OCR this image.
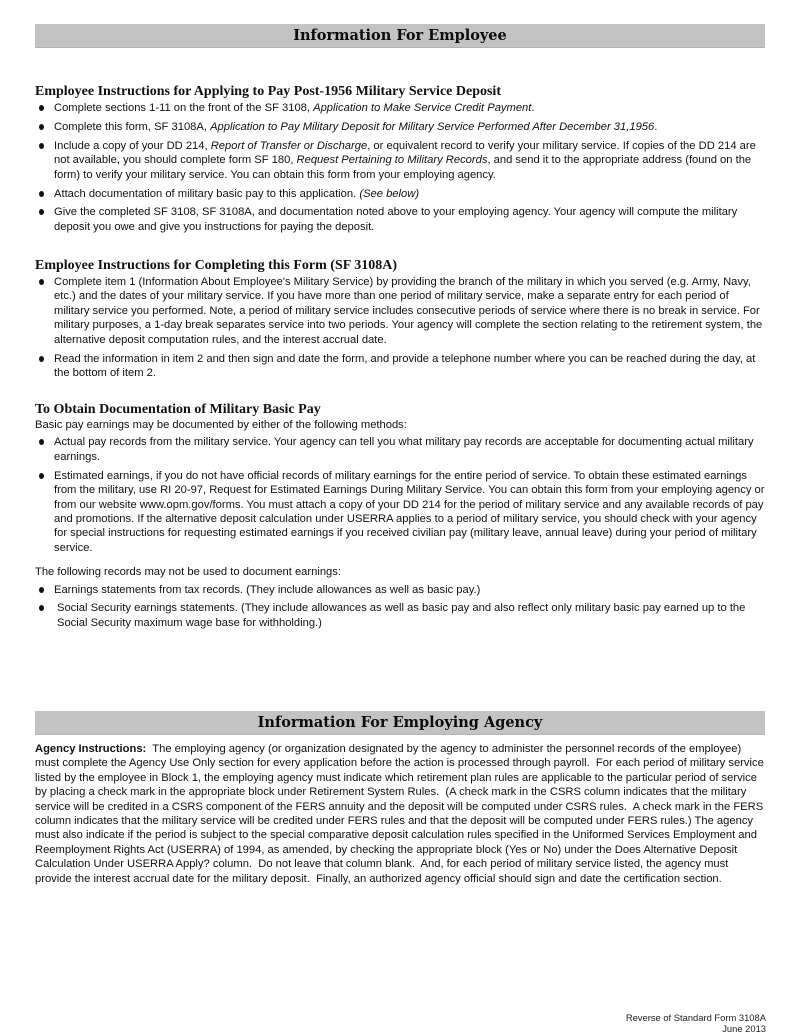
Information For Employee
Employee Instructions for Applying to Pay Post-1956 Military Service Deposit
Complete sections 1-11 on the front of the SF 3108, Application to Make Service Credit Payment.
Complete this form, SF 3108A, Application to Pay Military Deposit for Military Service Performed After December 31,1956.
Include a copy of your DD 214, Report of Transfer or Discharge, or equivalent record to verify your military service. If copies of the DD 214 are not available, you should complete form SF 180, Request Pertaining to Military Records, and send it to the appropriate address (found on the form) to verify your military service. You can obtain this form from your employing agency.
Attach documentation of military basic pay to this application. (See below)
Give the completed SF 3108, SF 3108A, and documentation noted above to your employing agency. Your agency will compute the military deposit you owe and give you instructions for paying the deposit.
Employee Instructions for Completing this Form (SF 3108A)
Complete item 1 (Information About Employee's Military Service) by providing the branch of the military in which you served (e.g. Army, Navy, etc.) and the dates of your military service. If you have more than one period of military service, make a separate entry for each period of military service you performed. Note, a period of military service includes consecutive periods of service where there is no break in service. For military purposes, a 1-day break separates service into two periods. Your agency will complete the section relating to the retirement system, the alternative deposit computation rules, and the interest accrual date.
Read the information in item 2 and then sign and date the form, and provide a telephone number where you can be reached during the day, at the bottom of item 2.
To Obtain Documentation of Military Basic Pay

Basic pay earnings may be documented by either of the following methods:

Actual pay records from the military service. Your agency can tell you what military pay records are acceptable for documenting actual military earnings.
Estimated earnings, if you do not have official records of military earnings for the entire period of service. To obtain these estimated earnings from the military, use RI 20-97, Request for Estimated Earnings During Military Service. You can obtain this form from your employing agency or from our website www.opm.gov/forms. You must attach a copy of your DD 214 for the period of military service and any available records of pay and promotions. If the alternative deposit calculation under USERRA applies to a period of military service, you should check with your agency for special instructions for requesting estimated earnings if you received civilian pay (military leave, annual leave) during your period of military service.

The following records may not be used to document earnings:

Earnings statements from tax records. (They include allowances as well as basic pay.)
Social Security earnings statements. (They include allowances as well as basic pay and also reflect only military basic pay earned up to the Social Security maximum wage base for withholding.)
Information For Employing Agency

Agency Instructions:  The employing agency (or organization designated by the agency to administer the personnel records of the employee) must complete the Agency Use Only section for every application before the action is processed through payroll.  For each period of military service listed by the employee in Block 1, the employing agency must indicate which retirement plan rules are applicable to the particular period of service by placing a check mark in the appropriate block under Retirement System Rules.  (A check mark in the CSRS column indicates that the military service will be credited in a CSRS component of the FERS annuity and the deposit will be computed under CSRS rules.  A check mark in the FERS column indicates that the military service will be credited under FERS rules and that the deposit will be computed under FERS rules.) The agency must also indicate if the period is subject to the special comparative deposit calculation rules specified in the Uniformed Services Employment and Reemployment Rights Act (USERRA) of 1994, as amended, by checking the appropriate block (Yes or No) under the Does Alternative Deposit Calculation Under USERRA Apply? column.  Do not leave that column blank.  And, for each period of military service listed, the agency must provide the interest accrual date for the military deposit.  Finally, an authorized agency official should sign and date the certification section.

Reverse of Standard Form 3108A
June 2013
